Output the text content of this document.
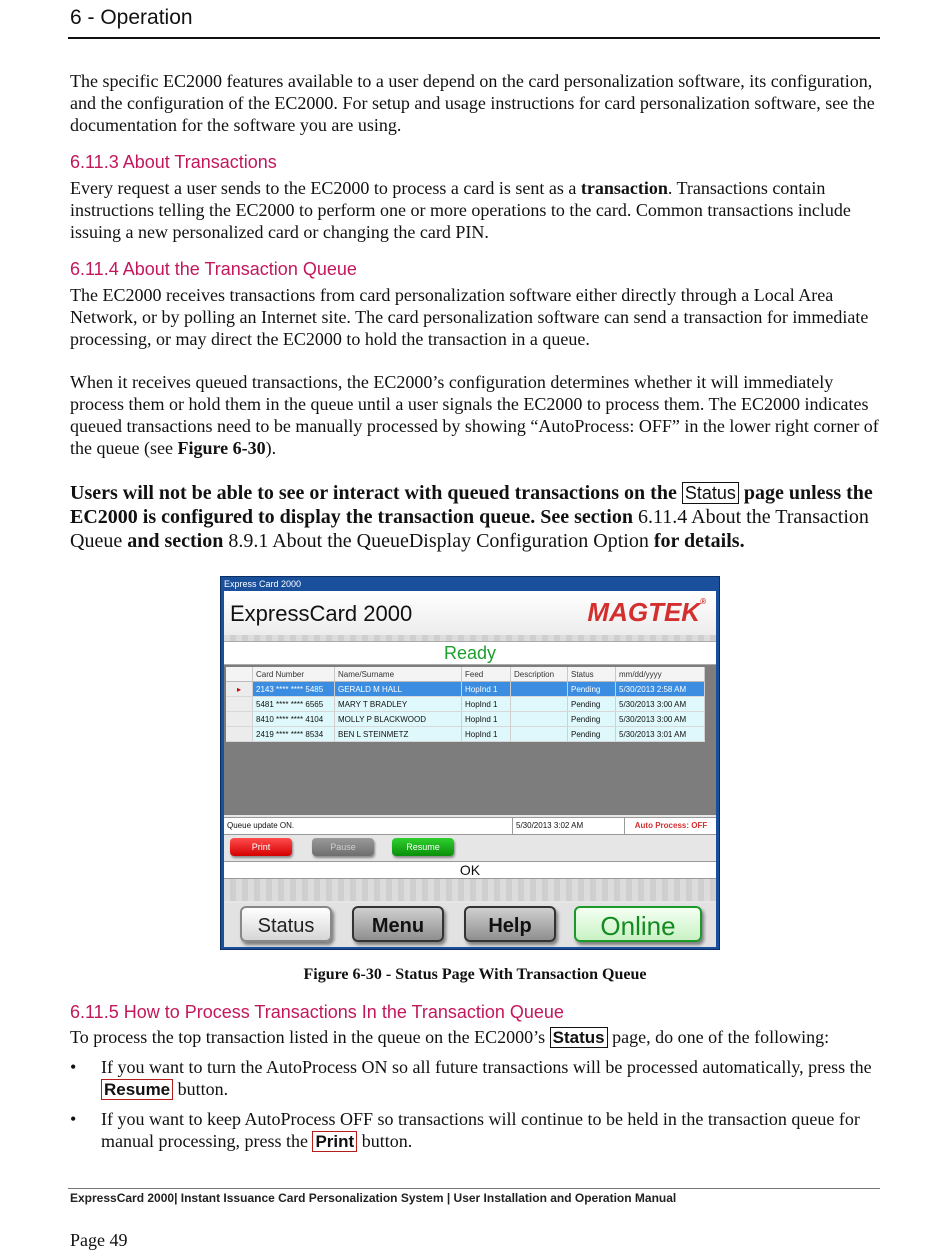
6 - Operation
The specific EC2000 features available to a user depend on the card personalization software, its configuration, and the configuration of the EC2000. For setup and usage instructions for card personalization software, see the documentation for the software you are using.
6.11.3 About Transactions
Every request a user sends to the EC2000 to process a card is sent as a transaction. Transactions contain instructions telling the EC2000 to perform one or more operations to the card. Common transactions include issuing a new personalized card or changing the card PIN.
6.11.4 About the Transaction Queue
The EC2000 receives transactions from card personalization software either directly through a Local Area Network, or by polling an Internet site. The card personalization software can send a transaction for immediate processing, or may direct the EC2000 to hold the transaction in a queue.
When it receives queued transactions, the EC2000’s configuration determines whether it will immediately process them or hold them in the queue until a user signals the EC2000 to process them. The EC2000 indicates queued transactions need to be manually processed by showing “AutoProcess: OFF” in the lower right corner of the queue (see Figure 6-30).
Users will not be able to see or interact with queued transactions on the Status page unless the EC2000 is configured to display the transaction queue. See section 6.11.4 About the Transaction Queue and section 8.9.1 About the QueueDisplay Configuration Option for details.
Express Card 2000
ExpressCard 2000	MAGTEK®
Ready
	Card Number	Name/Surname	Feed	Description	Status	mm/dd/yyyy
▸	2143 **** **** 5485	GERALD M HALL	HopInd 1		Pending	5/30/2013 2:58 AM
	5481 **** **** 6565	MARY T BRADLEY	HopInd 1		Pending	5/30/2013 3:00 AM
	8410 **** **** 4104	MOLLY P BLACKWOOD	HopInd 1		Pending	5/30/2013 3:00 AM
	2419 **** **** 8534	BEN L STEINMETZ	HopInd 1		Pending	5/30/2013 3:01 AM
Queue update ON.	5/30/2013 3:02 AM	Auto Process: OFF
Print	Pause	Resume
OK
Status	Menu	Help	Online
Figure 6-30 - Status Page With Transaction Queue
6.11.5 How to Process Transactions In the Transaction Queue
To process the top transaction listed in the queue on the EC2000’s Status page, do one of the following:
• If you want to turn the AutoProcess ON so all future transactions will be processed automatically, press the Resume button.
• If you want to keep AutoProcess OFF so transactions will continue to be held in the transaction queue for manual processing, press the Print button.
ExpressCard 2000| Instant Issuance Card Personalization System | User Installation and Operation Manual
Page 49
